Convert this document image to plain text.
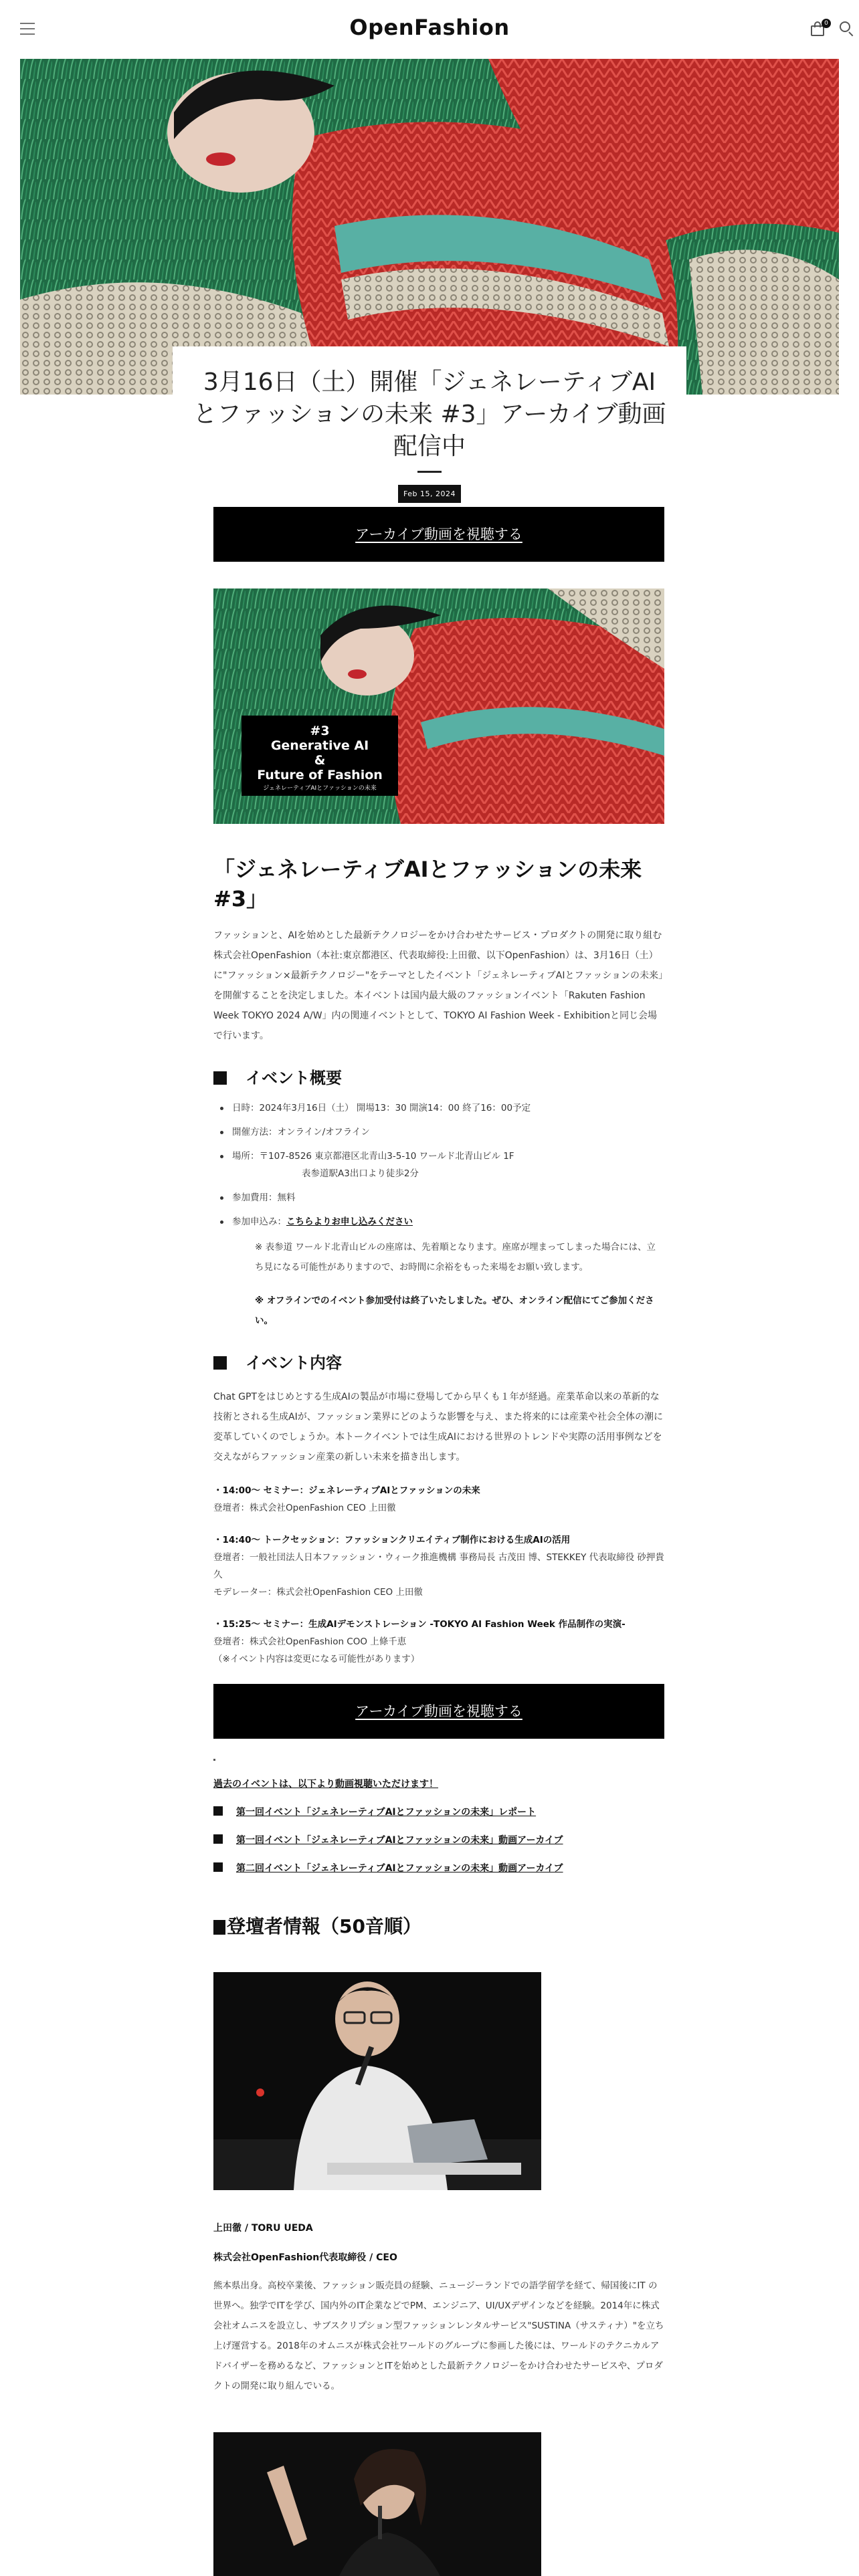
OpenFashion	0
3月16日（土）開催「ジェネレーティブAIとファッションの未来 #3」アーカイブ動画配信中
Feb 15, 2024
アーカイブ動画を視聴する
#3
Generative AI
&
Future of Fashion
ジェネレーティブAIとファッションの未来
「ジェネレーティブAIとファッションの未来#3」

ファッションと、AIを始めとした最新テクノロジーをかけ合わせたサービス・プロダクトの開発に取り組む株式会社OpenFashion（本社:東京都港区、代表取締役:上田徹、以下OpenFashion）は、3月16日（土）に"ファッション×最新テクノロジー"をテーマとしたイベント「ジェネレーティブAIとファッションの未来」を開催することを決定しました。本イベントは国内最大級のファッションイベント「Rakuten Fashion Week TOKYO 2024 A/W」内の関連イベントとして、TOKYO AI Fashion Week - Exhibitionと同じ会場で行います。

イベント概要
日時：2024年3月16日（土） 開場13：30 開演14：00 終了16：00予定
開催方法：オンライン/オフライン
場所：〒107-8526 東京都港区北青山3-5-10 ワールド北青山ビル 1F
表参道駅A3出口より徒歩2分
参加費用：無料
参加申込み：こちらよりお申し込みください

※ 表参道 ワールド北青山ビルの座席は、先着順となります。座席が埋まってしまった場合には、立ち見になる可能性がありますので、お時間に余裕をもった来場をお願い致します。

※ オフラインでのイベント参加受付は終了いたしました。ぜひ、オンライン配信にてご参加ください。

イベント内容

Chat GPTをはじめとする生成AIの製品が市場に登場してから早くも１年が経過。産業革命以来の革新的な技術とされる生成AIが、ファッション業界にどのような影響を与え、また将来的には産業や社会全体の潮に変革していくのでしょうか。本トークイベントでは生成AIにおける世界のトレンドや実際の活用事例などを交えながらファッション産業の新しい未来を描き出します。

・14:00〜 セミナー：ジェネレーティブAIとファッションの未来
登壇者：株式会社OpenFashion CEO 上田徹
・14:40〜 トークセッション：ファッションクリエイティブ制作における生成AIの活用
登壇者：一般社団法人日本ファッション・ウィーク推進機構 事務局長 古茂田 博、STEKKEY 代表取締役 砂押貴久
モデレーター：株式会社OpenFashion CEO 上田徹
・15:25〜 セミナー：生成AIデモンストレーション -TOKYO AI Fashion Week 作品制作の実演-
登壇者：株式会社OpenFashion COO 上條千恵
（※イベント内容は変更になる可能性があります）
アーカイブ動画を視聴する
過去のイベントは、以下より動画視聴いただけます！
第一回イベント「ジェネレーティブAIとファッションの未来」レポート
第一回イベント「ジェネレーティブAIとファッションの未来」動画アーカイブ
第二回イベント「ジェネレーティブAIとファッションの未来」動画アーカイブ
登壇者情報（50音順）
上田徹 / TORU UEDA
株式会社OpenFashion代表取締役 / CEO

熊本県出身。高校卒業後、ファッション販売員の経験、ニュージーランドでの語学留学を経て、帰国後にIT の世界へ。独学でITを学び、国内外のIT企業などでPM、エンジニア、UI/UXデザインなどを経験。2014年に株式会社オムニスを設立し、サブスクリプション型ファッションレンタルサービス"SUSTINA（サスティナ）"を立ち上げ運営する。2018年のオムニスが株式会社ワールドのグループに参画した後には、ワールドのテクニカルアドバイザーを務めるなど、ファッションとITを始めとした最新テクノロジーをかけ合わせたサービスや、プロダクトの開発に取り組んでいる。
